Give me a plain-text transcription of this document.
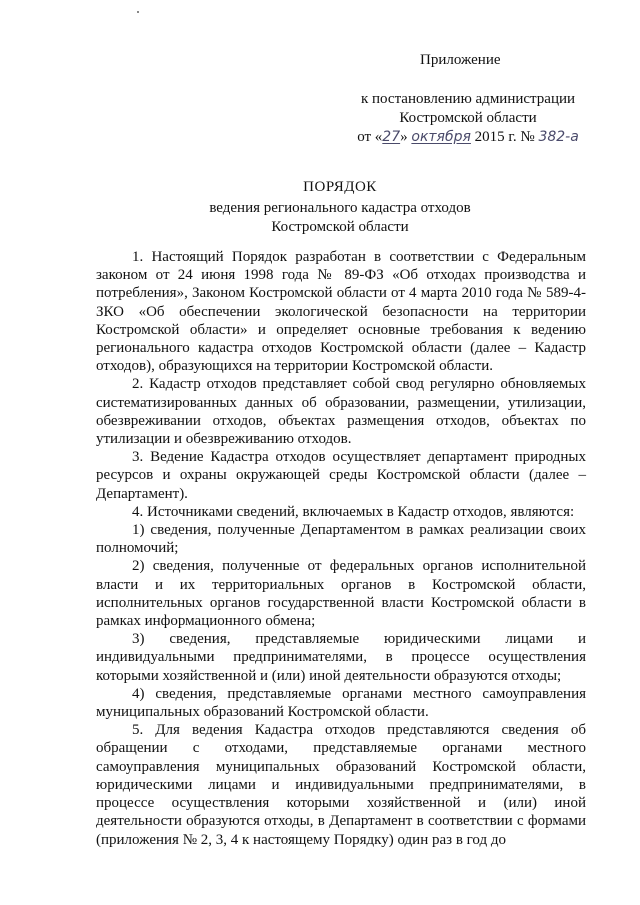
Приложение
к постановлению администрации
Костромской области
от «27» октября 2015 г. № 382-а
ПОРЯДОК
ведения регионального кадастра отходов
Костромской области

1. Настоящий Порядок разработан в соответствии с Федеральным законом от 24 июня 1998 года № 89-ФЗ «Об отходах производства и потребления», Законом Костромской области от 4 марта 2010 года № 589-4-ЗКО «Об обеспечении экологической безопасности на территории Костромской области» и определяет основные требования к ведению регионального кадастра отходов Костромской области (далее – Кадастр отходов), образующихся на территории Костромской области.

2. Кадастр отходов представляет собой свод регулярно обновляемых систематизированных данных об образовании, размещении, утилизации, обезвреживании отходов, объектах размещения отходов, объектах по утилизации и обезвреживанию отходов.

3. Ведение Кадастра отходов осуществляет департамент природных ресурсов и охраны окружающей среды Костромской области (далее – Департамент).

4. Источниками сведений, включаемых в Кадастр отходов, являются:

1) сведения, полученные Департаментом в рамках реализации своих полномочий;

2) сведения, полученные от федеральных органов исполнительной власти и их территориальных органов в Костромской области, исполнительных органов государственной власти Костромской области в рамках информационного обмена;

3) сведения, представляемые юридическими лицами и индивидуальными предпринимателями, в процессе осуществления которыми хозяйственной и (или) иной деятельности образуются отходы;

4) сведения, представляемые органами местного самоуправления муниципальных образований Костромской области.

5. Для ведения Кадастра отходов представляются сведения об обращении с отходами, представляемые органами местного самоуправления муниципальных образований Костромской области, юридическими лицами и индивидуальными предпринимателями, в процессе осуществления которыми хозяйственной и (или) иной деятельности образуются отходы, в Департамент в соответствии с формами (приложения № 2, 3, 4 к настоящему Порядку) один раз в год до
